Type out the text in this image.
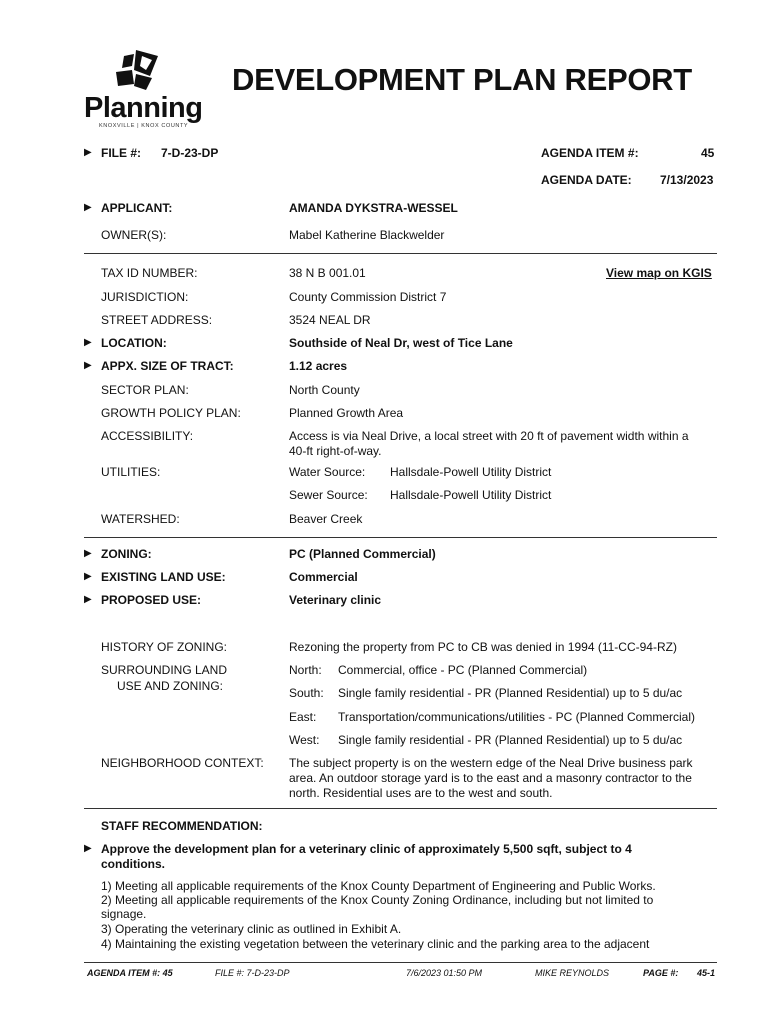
Planning
KNOXVILLE | KNOX COUNTY
DEVELOPMENT PLAN REPORT
▶ FILE #: 7-D-23-DP	AGENDA ITEM #:	45
AGENDA DATE: 7/13/2023
▶ APPLICANT:	AMANDA DYKSTRA-WESSEL
OWNER(S):	Mabel Katherine Blackwelder
TAX ID NUMBER:	38 N B 001.01	View map on KGIS
JURISDICTION:	County Commission District 7
STREET ADDRESS:	3524 NEAL DR
▶ LOCATION:	Southside of Neal Dr, west of Tice Lane
▶ APPX. SIZE OF TRACT:	1.12 acres
SECTOR PLAN:	North County
GROWTH POLICY PLAN:	Planned Growth Area
ACCESSIBILITY:	Access is via Neal Drive, a local street with 20 ft of pavement width within a
40-ft right-of-way.
UTILITIES:	Water Source: Hallsdale-Powell Utility District
Sewer Source: Hallsdale-Powell Utility District
WATERSHED:	Beaver Creek
▶ ZONING:	PC (Planned Commercial)
▶ EXISTING LAND USE:	Commercial
▶ PROPOSED USE:	Veterinary clinic
HISTORY OF ZONING:	Rezoning the property from PC to CB was denied in 1994 (11-CC-94-RZ)
SURROUNDING LAND
USE AND ZONING:
North: Commercial, office - PC (Planned Commercial)
South: Single family residential - PR (Planned Residential) up to 5 du/ac
East: Transportation/communications/utilities - PC (Planned Commercial)
West: Single family residential - PR (Planned Residential) up to 5 du/ac
NEIGHBORHOOD CONTEXT: The subject property is on the western edge of the Neal Drive business park
area. An outdoor storage yard is to the east and a masonry contractor to the
north. Residential uses are to the west and south.
STAFF RECOMMENDATION:
▶ Approve the development plan for a veterinary clinic of approximately 5,500 sqft, subject to 4
conditions.
1) Meeting all applicable requirements of the Knox County Department of Engineering and Public Works.
2) Meeting all applicable requirements of the Knox County Zoning Ordinance, including but not limited to
signage.
3) Operating the veterinary clinic as outlined in Exhibit A.
4) Maintaining the existing vegetation between the veterinary clinic and the parking area to the adjacent
AGENDA ITEM #: 45	FILE #: 7-D-23-DP	7/6/2023 01:50 PM	MIKE REYNOLDS	PAGE #: 45-1
